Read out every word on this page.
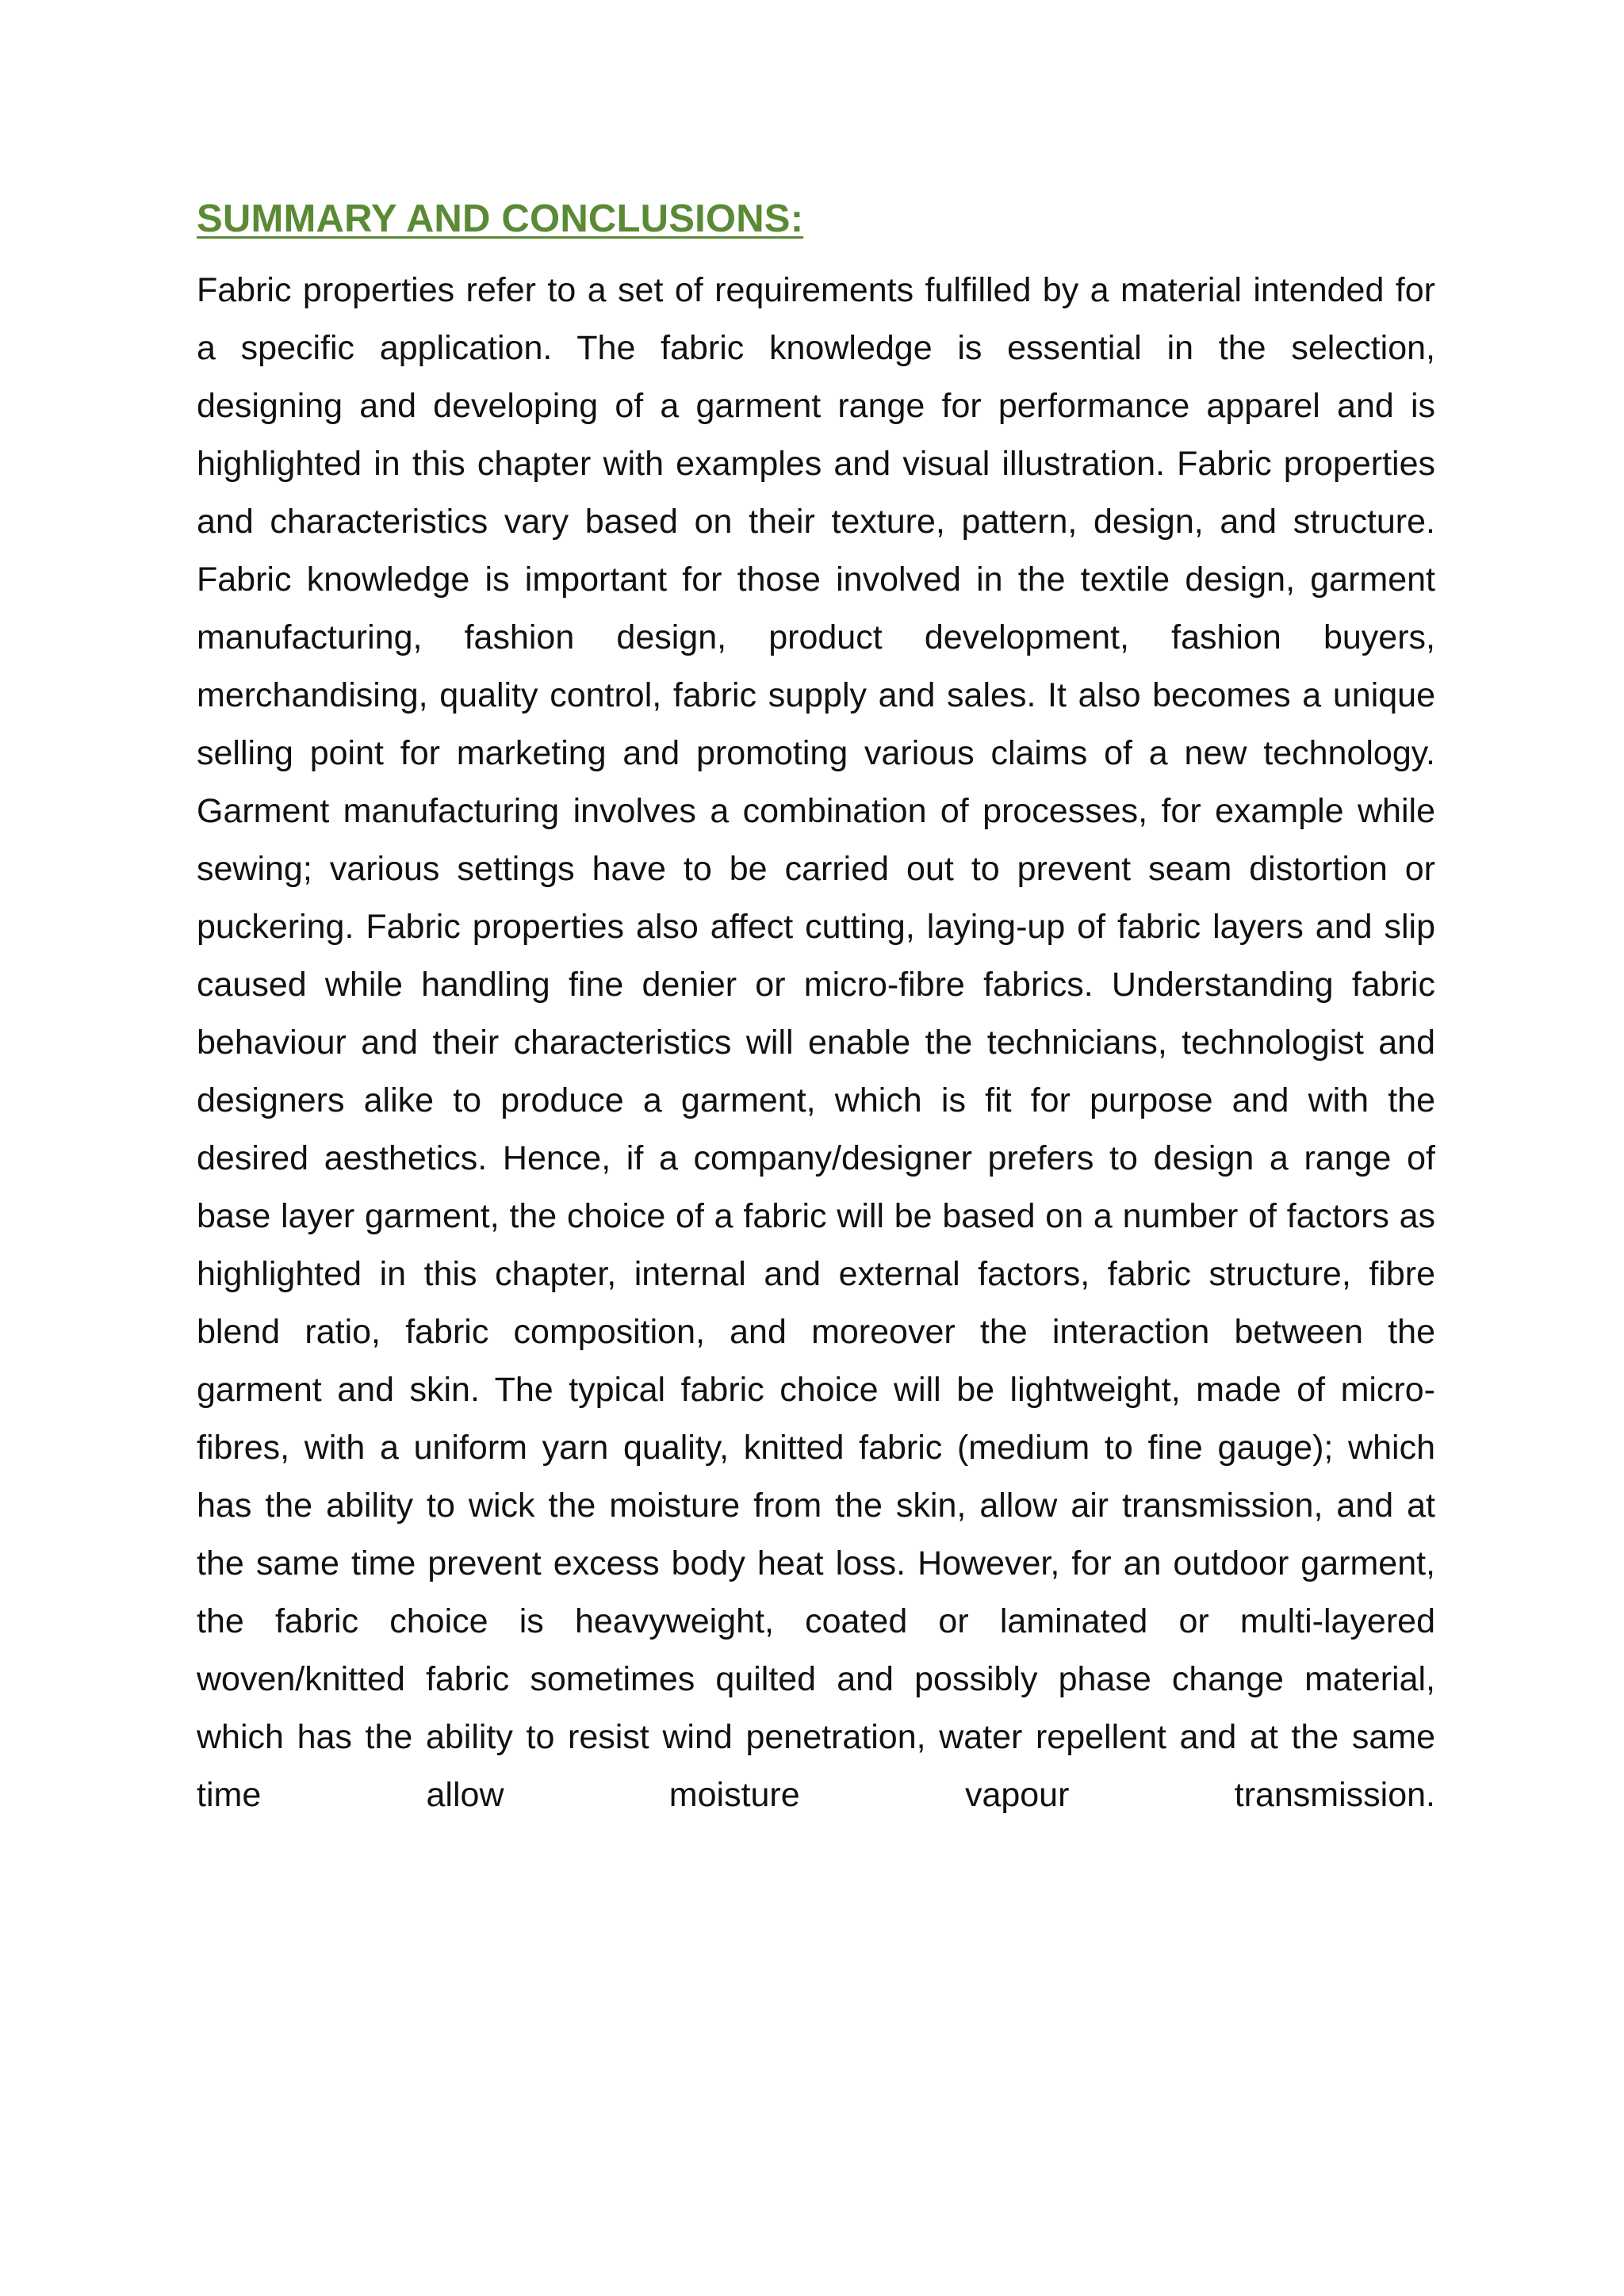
SUMMARY AND CONCLUSIONS:

Fabric properties refer to a set of requirements fulfilled by a material intended for a specific application. The fabric knowledge is essential in the selection, designing and developing of a garment range for performance apparel and is highlighted in this chapter with examples and visual illustration. Fabric properties and characteristics vary based on their texture, pattern, design, and structure. Fabric knowledge is important for those involved in the textile design, garment manufacturing, fashion design, product development, fashion buyers, merchandising, quality control, fabric supply and sales. It also becomes a unique selling point for marketing and promoting various claims of a new technology. Garment manufacturing involves a combination of processes, for example while sewing; various settings have to be carried out to prevent seam distortion or puckering. Fabric properties also affect cutting, laying-up of fabric layers and slip caused while handling fine denier or micro-fibre fabrics. Understanding fabric behaviour and their characteristics will enable the technicians, technologist and designers alike to produce a garment, which is fit for purpose and with the desired aesthetics. Hence, if a company/designer prefers to design a range of base layer garment, the choice of a fabric will be based on a number of factors as highlighted in this chapter, internal and external factors, fabric structure, fibre blend ratio, fabric composition, and moreover the interaction between the garment and skin. The typical fabric choice will be lightweight, made of micro-fibres, with a uniform yarn quality, knitted fabric (medium to fine gauge); which has the ability to wick the moisture from the skin, allow air transmission, and at the same time prevent excess body heat loss. However, for an outdoor garment, the fabric choice is heavyweight, coated or laminated or multi-layered woven/knitted fabric sometimes quilted and possibly phase change material, which has the ability to resist wind penetration, water repellent and at the same time allow moisture vapour transmission.
